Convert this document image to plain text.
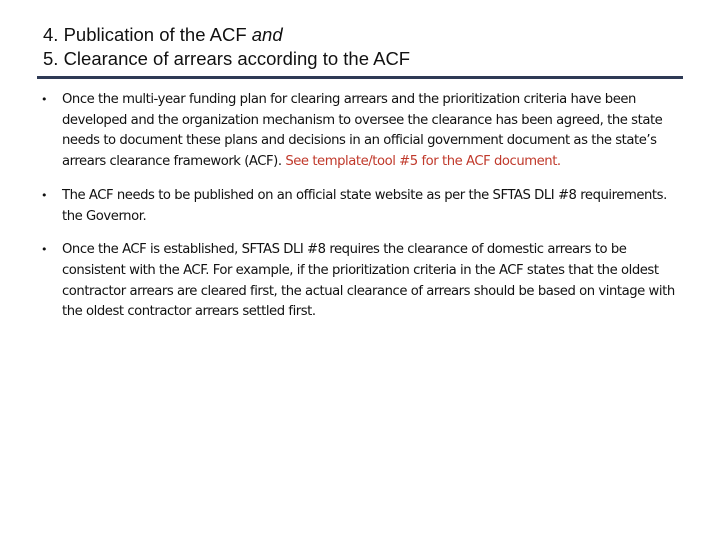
4. Publication of the ACF and
5. Clearance of arrears according to the ACF
• Once the multi-year funding plan for clearing arrears and the prioritization criteria have been developed and the organization mechanism to oversee the clearance has been agreed, the state needs to document these plans and decisions in an official government document as the state’s arrears clearance framework (ACF). See template/tool #5 for the ACF document.
• The ACF needs to be published on an official state website as per the SFTAS DLI #8 requirements. the Governor.
• Once the ACF is established, SFTAS DLI #8 requires the clearance of domestic arrears to be consistent with the ACF. For example, if the prioritization criteria in the ACF states that the oldest contractor arrears are cleared first, the actual clearance of arrears should be based on vintage with the oldest contractor arrears settled first.
